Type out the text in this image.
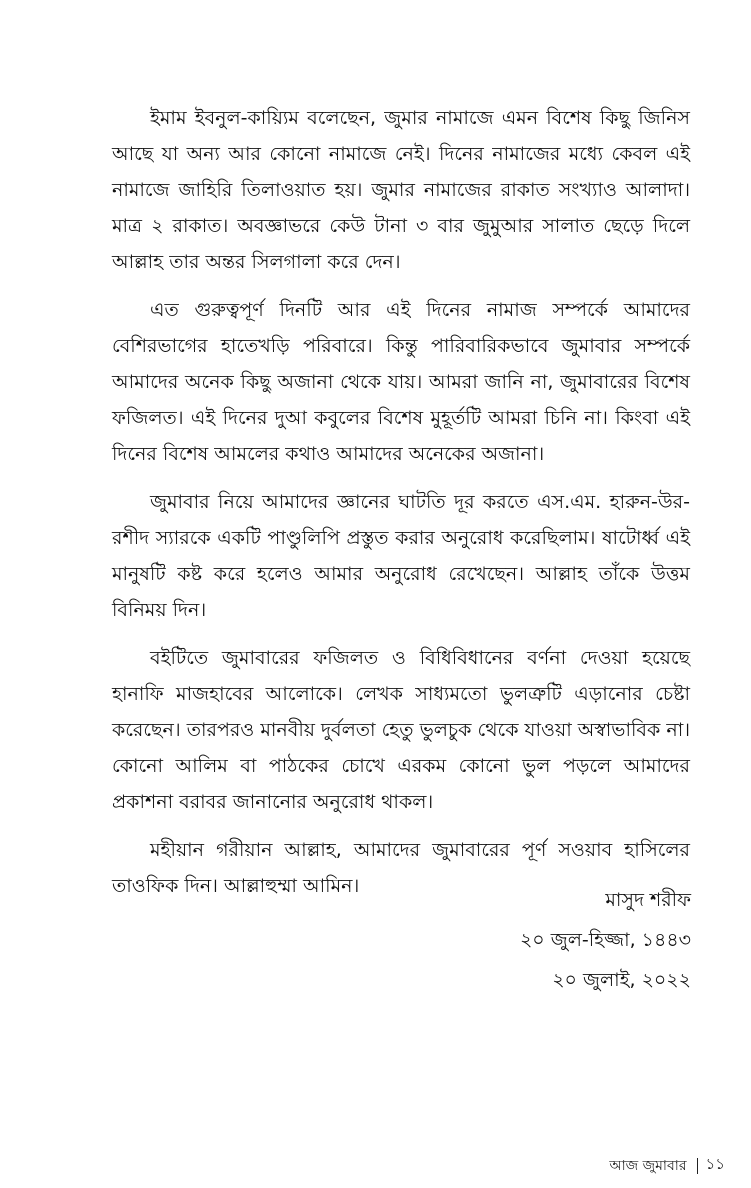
ইমাম ইবনুল-কায়্যিম বলেছেন, জুমার নামাজে এমন বিশেষ কিছু জিনিস আছে যা অন্য আর কোনো নামাজে নেই। দিনের নামাজের মধ্যে কেবল এই নামাজে জাহিরি তিলাওয়াত হয়। জুমার নামাজের রাকাত সংখ্যাও আলাদা। মাত্র ২ রাকাত। অবজ্ঞাভরে কেউ টানা ৩ বার জুমুআর সালাত ছেড়ে দিলে আল্লাহ তার অন্তর সিলগালা করে দেন।

এত গুরুত্বপূর্ণ দিনটি আর এই দিনের নামাজ সম্পর্কে আমাদের বেশিরভাগের হাতেখড়ি পরিবারে। কিন্তু পারিবারিকভাবে জুমাবার সম্পর্কে আমাদের অনেক কিছু অজানা থেকে যায়। আমরা জানি না, জুমাবারের বিশেষ ফজিলত। এই দিনের দুআ কবুলের বিশেষ মুহূর্তটি আমরা চিনি না। কিংবা এই দিনের বিশেষ আমলের কথাও আমাদের অনেকের অজানা।

জুমাবার নিয়ে আমাদের জ্ঞানের ঘাটতি দূর করতে এস.এম. হারুন-উর-রশীদ স্যারকে একটি পাণ্ডুলিপি প্রস্তুত করার অনুরোধ করেছিলাম। ষাটোর্ধ্ব এই মানুষটি কষ্ট করে হলেও আমার অনুরোধ রেখেছেন। আল্লাহ তাঁকে উত্তম বিনিময় দিন।

বইটিতে জুমাবারের ফজিলত ও বিধিবিধানের বর্ণনা দেওয়া হয়েছে হানাফি মাজহাবের আলোকে। লেখক সাধ্যমতো ভুলত্রুটি এড়ানোর চেষ্টা করেছেন। তারপরও মানবীয় দুর্বলতা হেতু ভুলচুক থেকে যাওয়া অস্বাভাবিক না। কোনো আলিম বা পাঠকের চোখে এরকম কোনো ভুল পড়লে আমাদের প্রকাশনা বরাবর জানানোর অনুরোধ থাকল।

মহীয়ান গরীয়ান আল্লাহ, আমাদের জুমাবারের পূর্ণ সওয়াব হাসিলের তাওফিক দিন। আল্লাহুম্মা আমিন।

মাসুদ শরীফ
২০ জুল-হিজ্জা, ১৪৪৩
২০ জুলাই, ২০২২
আজ জুমাবার ১১
